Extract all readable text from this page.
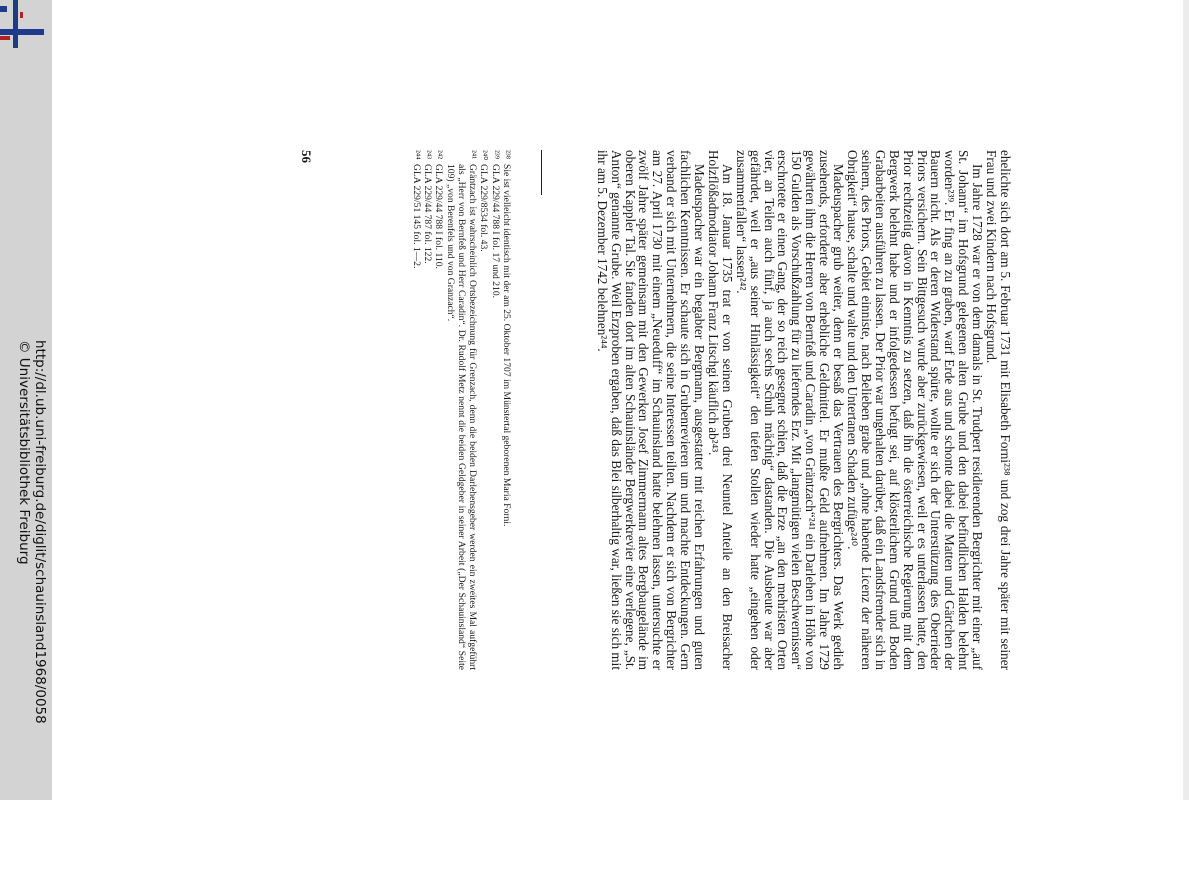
http://dl.ub.uni-freiburg.de/diglit/schauinsland1968/0058
© Universitätsbibliothek Freiburg	ehelichte sich dort am 5. Februar 1731 mit Elisabeth Forni²³⁸ und zog drei Jahre später mit seiner Frau und zwei Kindern nach Hofsgrund.

Im Jahre 1728 war er von dem damals in St. Trudpert residierenden Bergrichter mit einer „auf St. Johann“ im Hofsgrund gelegenen alten Grube und den dabei befindlichen Halden belehnt worden²³⁹. Er fing an zu graben, warf Erde aus und schonte dabei die Matten und Gärtchen der Bauern nicht. Als er deren Widerstand spürte, wollte er sich der Unterstützung des Oberrieder Priors versichern. Sein Bittgesuch wurde aber zurückgewiesen, weil er es unterlassen hatte, den Prior rechtzeitig davon in Kenntnis zu setzen, daß ihn die österreichische Regierung mit dem Bergwerk belehnt habe und er infolgedessen befugt sei, auf klösterlichem Grund und Boden Grabarbeiten ausführen zu lassen. Der Prior war ungehalten darüber, daß ein Landsfremder sich in seinem, des Priors, Gebiet einniste, nach Belieben grabe und „ohne habende Licenz der näheren Obrigkeit“ hause, schalte und walte und den Untertanen Schaden zufüge²⁴⁰.

Madeuspacher grub weiter, denn er besaß das Vertrauen des Bergrichters. Das Werk gedieh zusehends, erforderte aber erhebliche Geldmittel. Er mußte Geld aufnehmen. Im Jahre 1729 gewährten ihm die Herren von Bernfeß und Caradin „von Gräntzach“²⁴¹ ein Darlehen in Höhe von 150 Gulden als Vorschußzahlung für zu lieferndes Erz. Mit „langmütigen vielen Beschwernissen“ erschrotete er einen Gang, der so reich gesegnet schien, daß die Erze „an den mehristen Orten vier, an Teilen auch fünf, ja auch sechs Schuh mächtig“ dastanden. Die Ausbeute war aber gefährdet, weil er „aus seiner Hinlässigkeit“ den tiefen Stollen wieder hatte „eingehen oder zusammenfallen“ lassen²⁴².

Am 18. Januar 1735 trat er von seinen Gruben drei Neuntel Anteile an den Breisacher Holzflößadmodiator Johann Franz Litschgi käuflich ab²⁴³.

Madeuspacher war ein begabter Bergmann, ausgestattet mit reichen Erfahrungen und guten fachlichen Kenntnissen. Er schaute sich in Grubenrevieren um und machte Entdeckungen. Gern verband er sich mit Unternehmern, die seine Interessen teilten. Nachdem er sich von Bergrichter am 27. April 1730 mit einem „Neueduff“ im Schauinsland hatte belehnen lassen, untersuchte er zwölf Jahre später gemeinsam mit den Gewerken Josef Zimmermann altes Bergbaugelände im oberen Kappler Tal. Sie fanden dort im alten Schauinsländer Bergwerkrevier eine verlegene, „St. Anton“ genannte Grube. Weil Erzproben ergaben, daß das Blei silberhaltig war, ließen sie sich mit ihr am 5. Dezember 1742 belehnen²⁴⁴.

²³⁸Sie ist vielleicht identisch mit der am 25. Oktober 1707 im Münstertal geborenen Maria Forni.

²³⁹GLA 229/44 788 I fol. 17 und 210.

²⁴⁰GLA 229/8534 fol. 43.

²⁴¹Gräntzach ist wahrscheinlich Ortsbezeichnung für Grenzach, denn die beiden Darlehensgeber werden ein zweites Mal aufgeführt als „Herr von Bernfeß und Herr Caradin“. Dr. Rudolf Metz nennt die beiden Geldgeber in seiner Arbeit („Der Schauinsland“ Seite 109) „von Berenfels und von Granzach“.

²⁴²GLA 229/44 788 I fol. 110.

²⁴³GLA 229/44 787 fol. 122.

²⁴⁴GLA 229/51 145 fol. 1—2.

56
